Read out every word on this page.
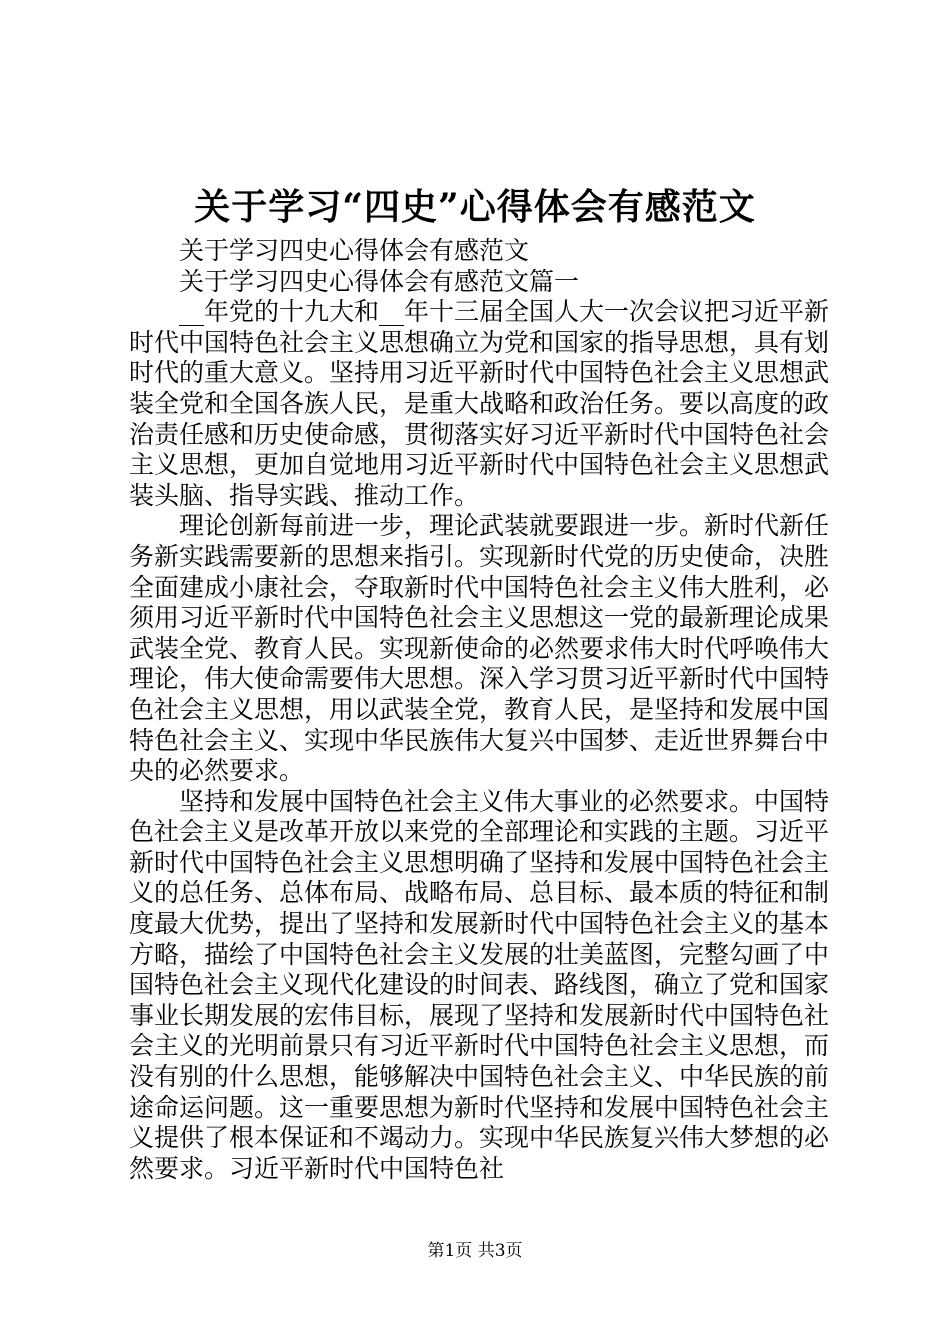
关于学习“四史”心得体会有感范文

关于学习四史心得体会有感范文

关于学习四史心得体会有感范文篇一

__年党的十九大和__年十三届全国人大一次会议把习近平新时代中国特色社会主义思想确立为党和国家的指导思想，具有划时代的重大意义。坚持用习近平新时代中国特色社会主义思想武装全党和全国各族人民，是重大战略和政治任务。要以高度的政治责任感和历史使命感，贯彻落实好习近平新时代中国特色社会主义思想，更加自觉地用习近平新时代中国特色社会主义思想武装头脑、指导实践、推动工作。

理论创新每前进一步，理论武装就要跟进一步。新时代新任务新实践需要新的思想来指引。实现新时代党的历史使命，决胜全面建成小康社会，夺取新时代中国特色社会主义伟大胜利，必须用习近平新时代中国特色社会主义思想这一党的最新理论成果武装全党、教育人民。实现新使命的必然要求伟大时代呼唤伟大理论，伟大使命需要伟大思想。深入学习贯习近平新时代中国特色社会主义思想，用以武装全党，教育人民，是坚持和发展中国特色社会主义、实现中华民族伟大复兴中国梦、走近世界舞台中央的必然要求。

坚持和发展中国特色社会主义伟大事业的必然要求。中国特色社会主义是改革开放以来党的全部理论和实践的主题。习近平新时代中国特色社会主义思想明确了坚持和发展中国特色社会主义的总任务、总体布局、战略布局、总目标、最本质的特征和制度最大优势，提出了坚持和发展新时代中国特色社会主义的基本方略，描绘了中国特色社会主义发展的壮美蓝图，完整勾画了中国特色社会主义现代化建设的时间表、路线图，确立了党和国家事业长期发展的宏伟目标，展现了坚持和发展新时代中国特色社会主义的光明前景只有习近平新时代中国特色社会主义思想，而没有别的什么思想，能够解决中国特色社会主义、中华民族的前途命运问题。这一重要思想为新时代坚持和发展中国特色社会主义提供了根本保证和不竭动力。实现中华民族复兴伟大梦想的必然要求。习近平新时代中国特色社

第1页 共3页
